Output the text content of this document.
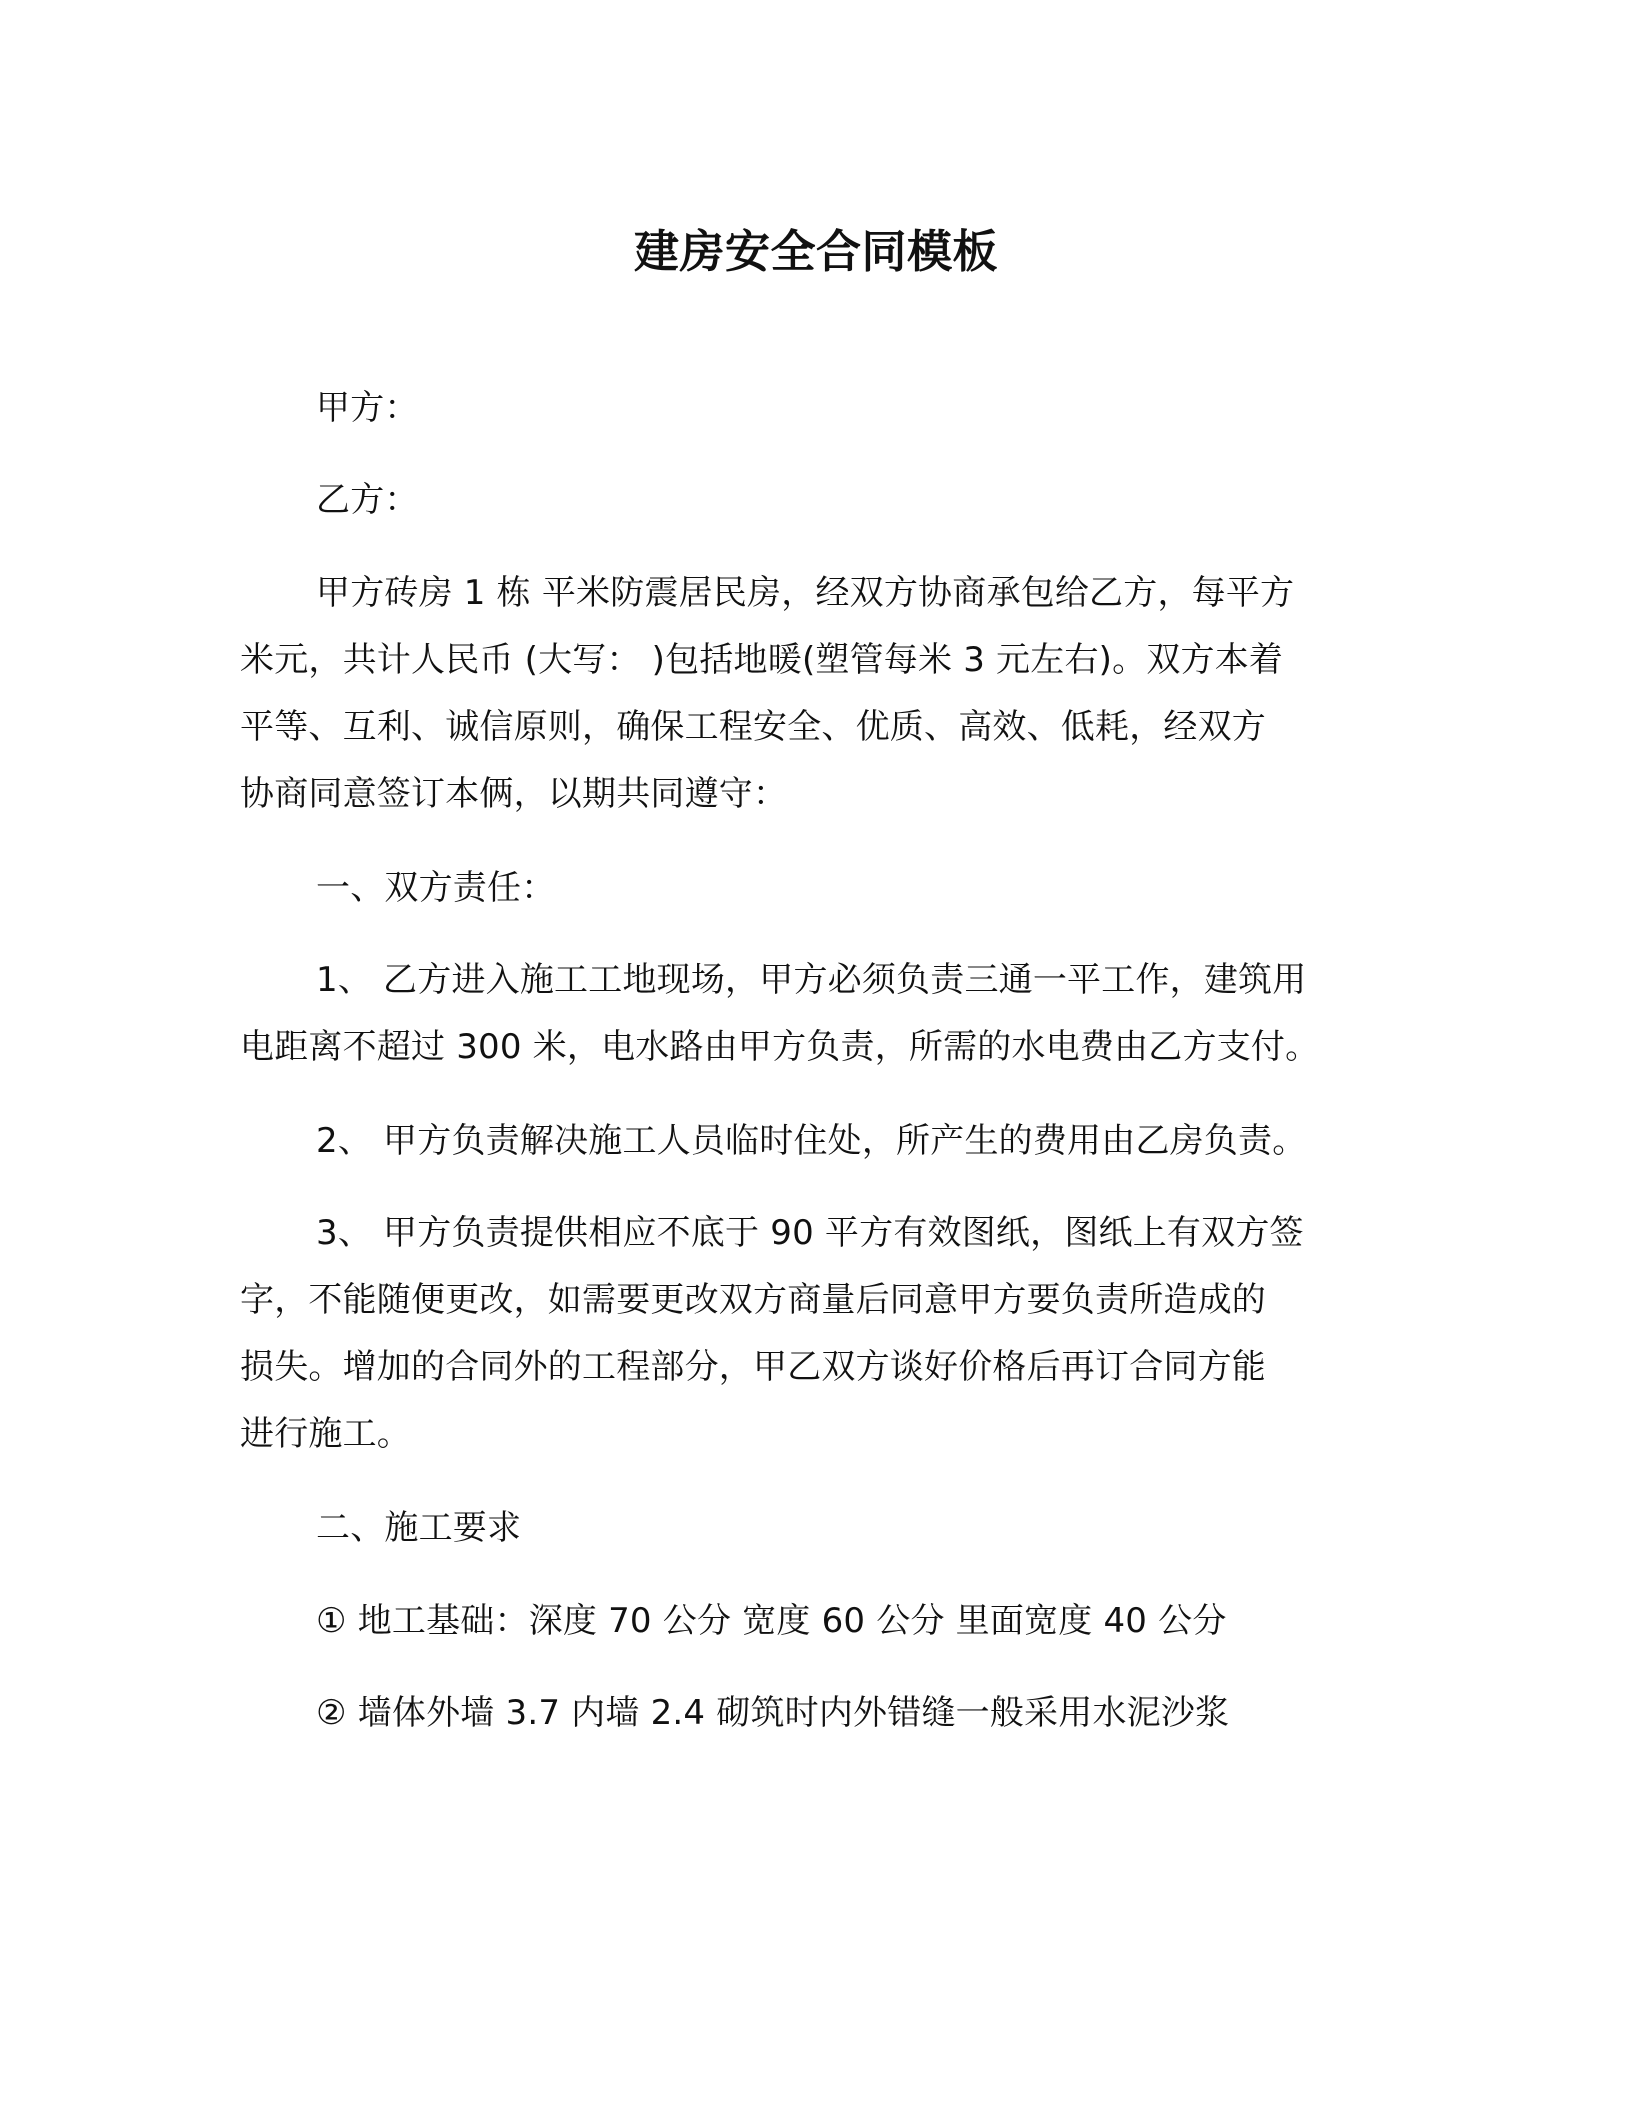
建房安全合同模板

甲方：

乙方：

甲方砖房 1 栋 平米防震居民房，经双方协商承包给乙方，每平方
米元，共计人民币 (大写： )包括地暖(塑管每米 3 元左右)。双方本着
平等、互利、诚信原则，确保工程安全、优质、高效、低耗，经双方
协商同意签订本俩，以期共同遵守：

一、双方责任：

1、 乙方进入施工工地现场，甲方必须负责三通一平工作，建筑用
电距离不超过 300 米，电水路由甲方负责，所需的水电费由乙方支付。

2、 甲方负责解决施工人员临时住处，所产生的费用由乙房负责。

3、 甲方负责提供相应不底于 90 平方有效图纸，图纸上有双方签
字，不能随便更改，如需要更改双方商量后同意甲方要负责所造成的
损失。增加的合同外的工程部分，甲乙双方谈好价格后再订合同方能
进行施工。

二、施工要求

① 地工基础：深度 70 公分 宽度 60 公分 里面宽度 40 公分

② 墙体外墙 3.7 内墙 2.4 砌筑时内外错缝一般采用水泥沙浆
